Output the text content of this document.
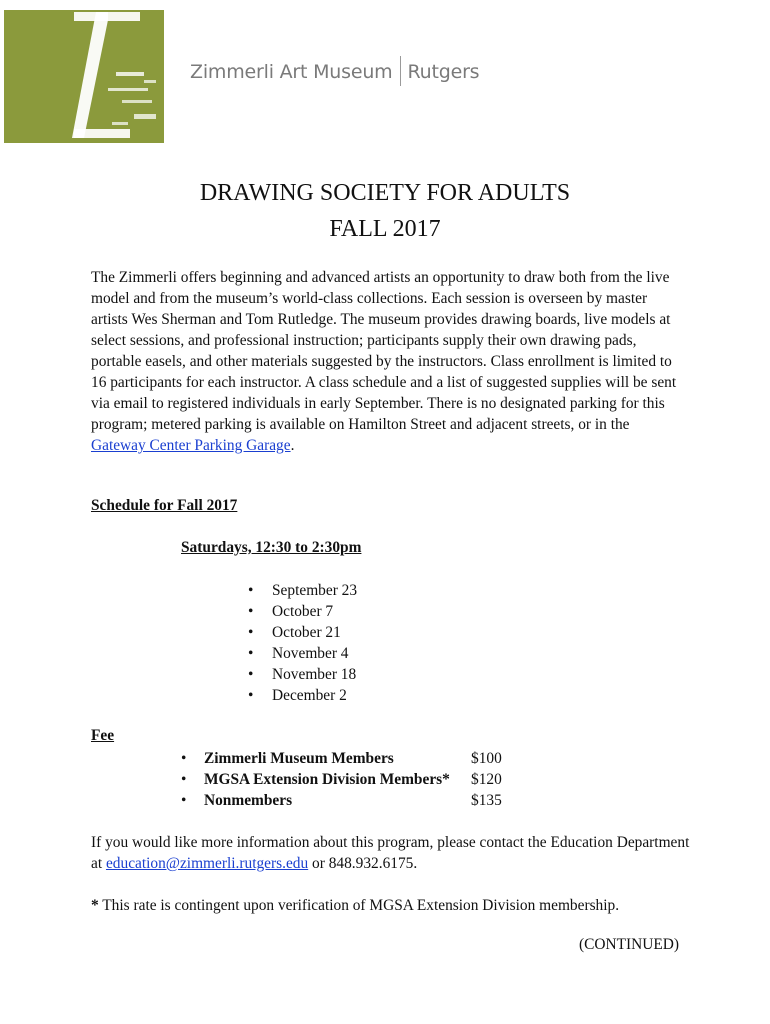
Zimmerli Art Museum Rutgers
DRAWING SOCIETY FOR ADULTS
FALL 2017

The Zimmerli offers beginning and advanced artists an opportunity to draw both from the live model and from the museum’s world-class collections. Each session is overseen by master artists Wes Sherman and Tom Rutledge. The museum provides drawing boards, live models at select sessions, and professional instruction; participants supply their own drawing pads, portable easels, and other materials suggested by the instructors. Class enrollment is limited to 16 participants for each instructor. A class schedule and a list of suggested supplies will be sent via email to registered individuals in early September. There is no designated parking for this program; metered parking is available on Hamilton Street and adjacent streets, or in the Gateway Center Parking Garage.

Schedule for Fall 2017

Saturdays, 12:30 to 2:30pm

• September 23
• October 7
• October 21
• November 4
• November 18
• December 2

Fee

• Zimmerli Museum Members	$100
• MGSA Extension Division Members* $120
• Nonmembers	$135

If you would like more information about this program, please contact the Education Department at education@zimmerli.rutgers.edu or 848.932.6175.

* This rate is contingent upon verification of MGSA Extension Division membership.

(CONTINUED)
